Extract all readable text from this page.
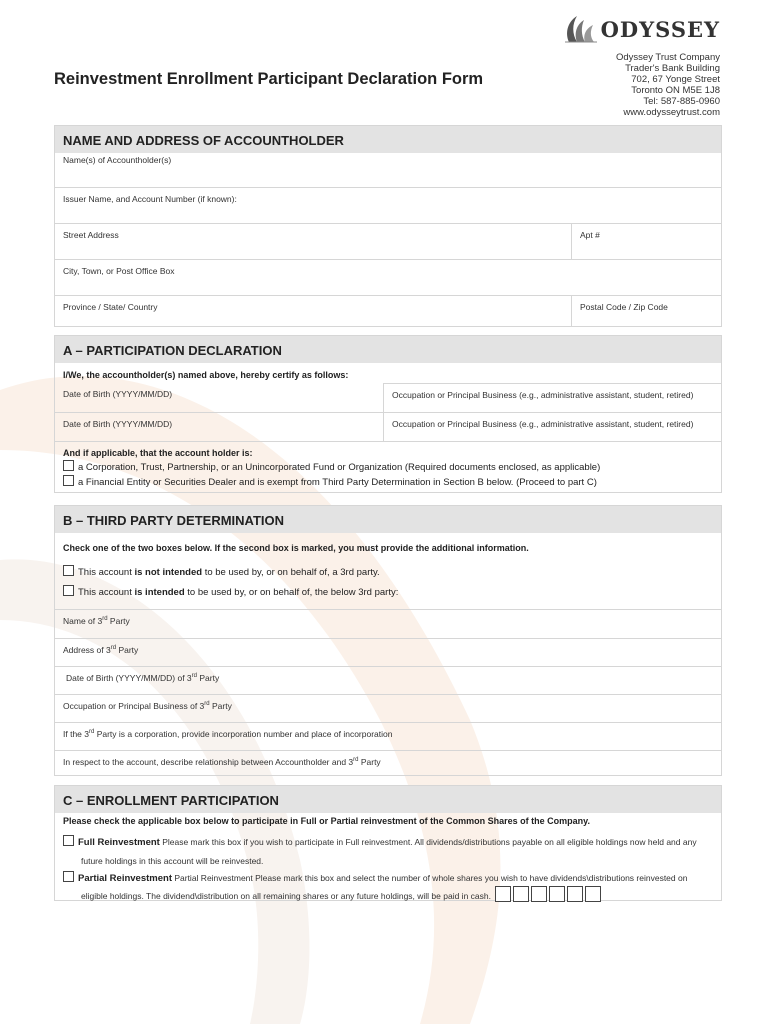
ODYSSEY
Odyssey Trust Company
Trader's Bank Building
702, 67 Yonge Street
Toronto ON M5E 1J8
Tel: 587-885-0960
www.odysseytrust.com
Reinvestment Enrollment Participant Declaration Form
NAME AND ADDRESS OF ACCOUNTHOLDER
Name(s) of Accountholder(s)
Issuer Name, and Account Number (if known):
Street Address	Apt #
City, Town, or Post Office Box
Province / State/ Country	Postal Code / Zip Code
A – PARTICIPATION DECLARATION
I/We, the accountholder(s) named above, hereby certify as follows:
Date of Birth (YYYY/MM/DD)	Occupation or Principal Business (e.g., administrative assistant, student, retired)
Date of Birth (YYYY/MM/DD)	Occupation or Principal Business (e.g., administrative assistant, student, retired)
And if applicable, that the account holder is:
a Corporation, Trust, Partnership, or an Unincorporated Fund or Organization (Required documents enclosed, as applicable)
a Financial Entity or Securities Dealer and is exempt from Third Party Determination in Section B below. (Proceed to part C)
B – THIRD PARTY DETERMINATION
Check one of the two boxes below. If the second box is marked, you must provide the additional information.
This account is not intended to be used by, or on behalf of, a 3rd party.
This account is intended to be used by, or on behalf of, the below 3rd party:
Name of 3rd Party
Address of 3rd Party
Date of Birth (YYYY/MM/DD) of 3rd Party
Occupation or Principal Business of 3rd Party
If the 3rd Party is a corporation, provide incorporation number and place of incorporation
In respect to the account, describe relationship between Accountholder and 3rd Party
C – ENROLLMENT PARTICIPATION
Please check the applicable box below to participate in Full or Partial reinvestment of the Common Shares of the Company.
Full Reinvestment Please mark this box if you wish to participate in Full reinvestment. All dividends/distributions payable on all eligible holdings now held and any
future holdings in this account will be reinvested.
Partial Reinvestment Partial Reinvestment Please mark this box and select the number of whole shares you wish to have dividends\distributions reinvested on
eligible holdings. The dividend\distribution on all remaining shares or any future holdings, will be paid in cash.
